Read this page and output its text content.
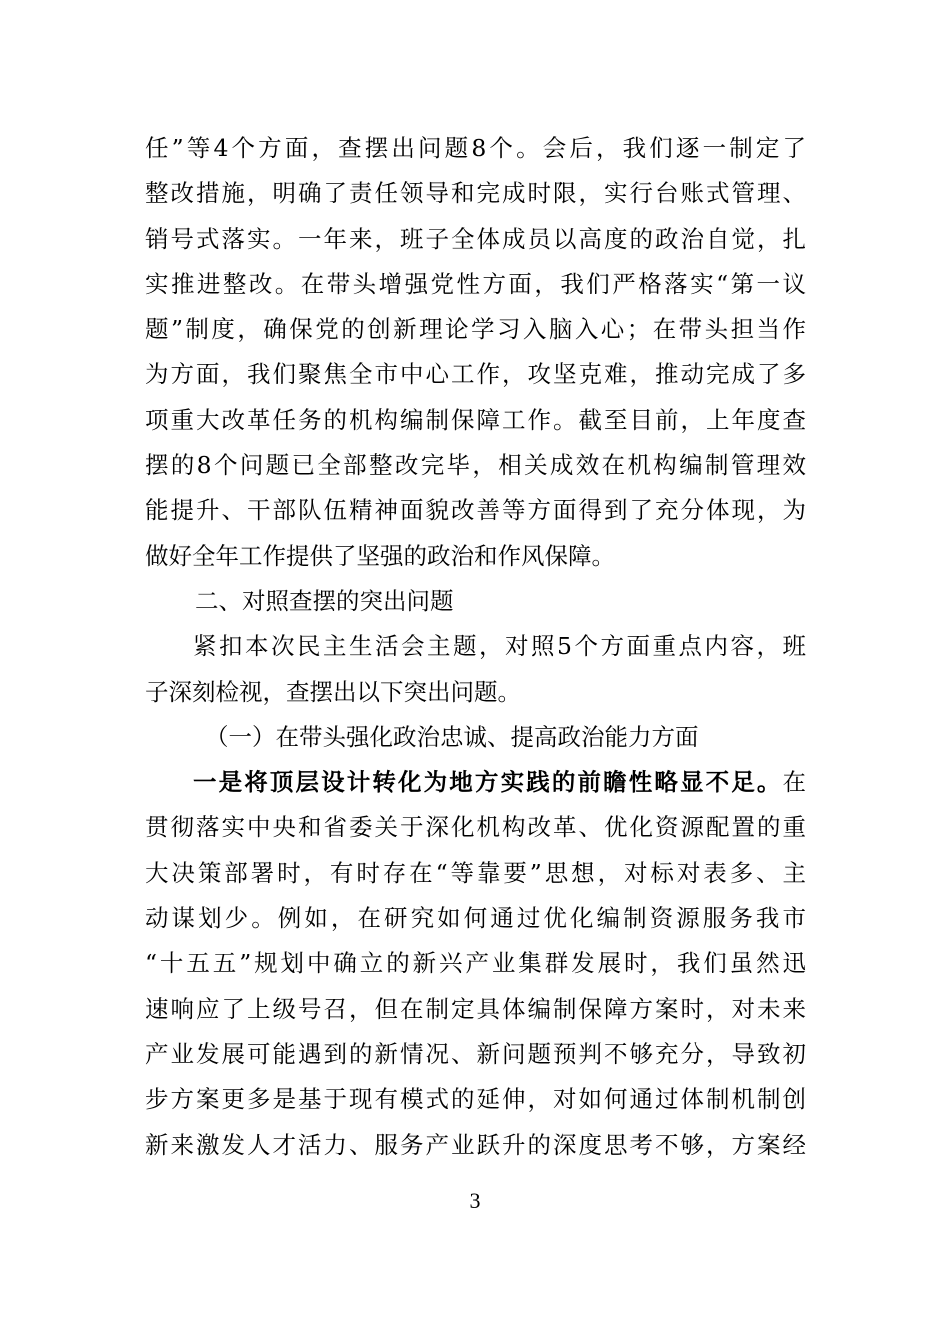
任”等4个方面，查摆出问题8个。会后，我们逐一制定了
整改措施，明确了责任领导和完成时限，实行台账式管理、
销号式落实。一年来，班子全体成员以高度的政治自觉，扎
实推进整改。在带头增强党性方面，我们严格落实“第一议
题”制度，确保党的创新理论学习入脑入心；在带头担当作
为方面，我们聚焦全市中心工作，攻坚克难，推动完成了多
项重大改革任务的机构编制保障工作。截至目前，上年度查
摆的8个问题已全部整改完毕，相关成效在机构编制管理效
能提升、干部队伍精神面貌改善等方面得到了充分体现，为
做好全年工作提供了坚强的政治和作风保障。
二、对照查摆的突出问题
紧扣本次民主生活会主题，对照5个方面重点内容，班
子深刻检视，查摆出以下突出问题。
（一）在带头强化政治忠诚、提高政治能力方面
一是将顶层设计转化为地方实践的前瞻性略显不足。在
贯彻落实中央和省委关于深化机构改革、优化资源配置的重
大决策部署时，有时存在“等靠要”思想，对标对表多、主
动谋划少。例如，在研究如何通过优化编制资源服务我市
“十五五”规划中确立的新兴产业集群发展时，我们虽然迅
速响应了上级号召，但在制定具体编制保障方案时，对未来
产业发展可能遇到的新情况、新问题预判不够充分，导致初
步方案更多是基于现有模式的延伸，对如何通过体制机制创
新来激发人才活力、服务产业跃升的深度思考不够，方案经
3
